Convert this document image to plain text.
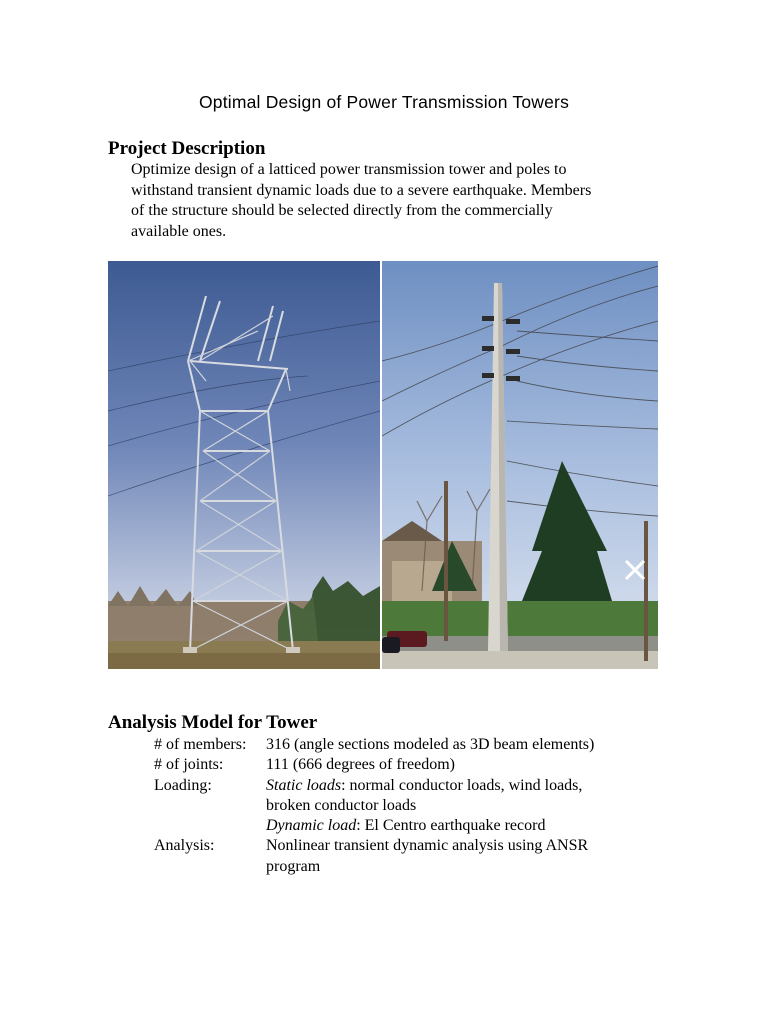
Optimal Design of Power Transmission Towers
Project Description

Optimize design of a latticed power transmission tower and poles to

withstand transient dynamic loads due to a severe earthquake. Members

of the structure should be selected directly from the commercially

available ones.

Analysis Model for Tower
# of members:	316 (angle sections modeled as 3D beam elements)
# of joints:	111 (666 degrees of freedom)
Loading:	Static loads: normal conductor loads, wind loads,
broken conductor loads
Dynamic load: El Centro earthquake record
Analysis:	Nonlinear transient dynamic analysis using ANSR
program
